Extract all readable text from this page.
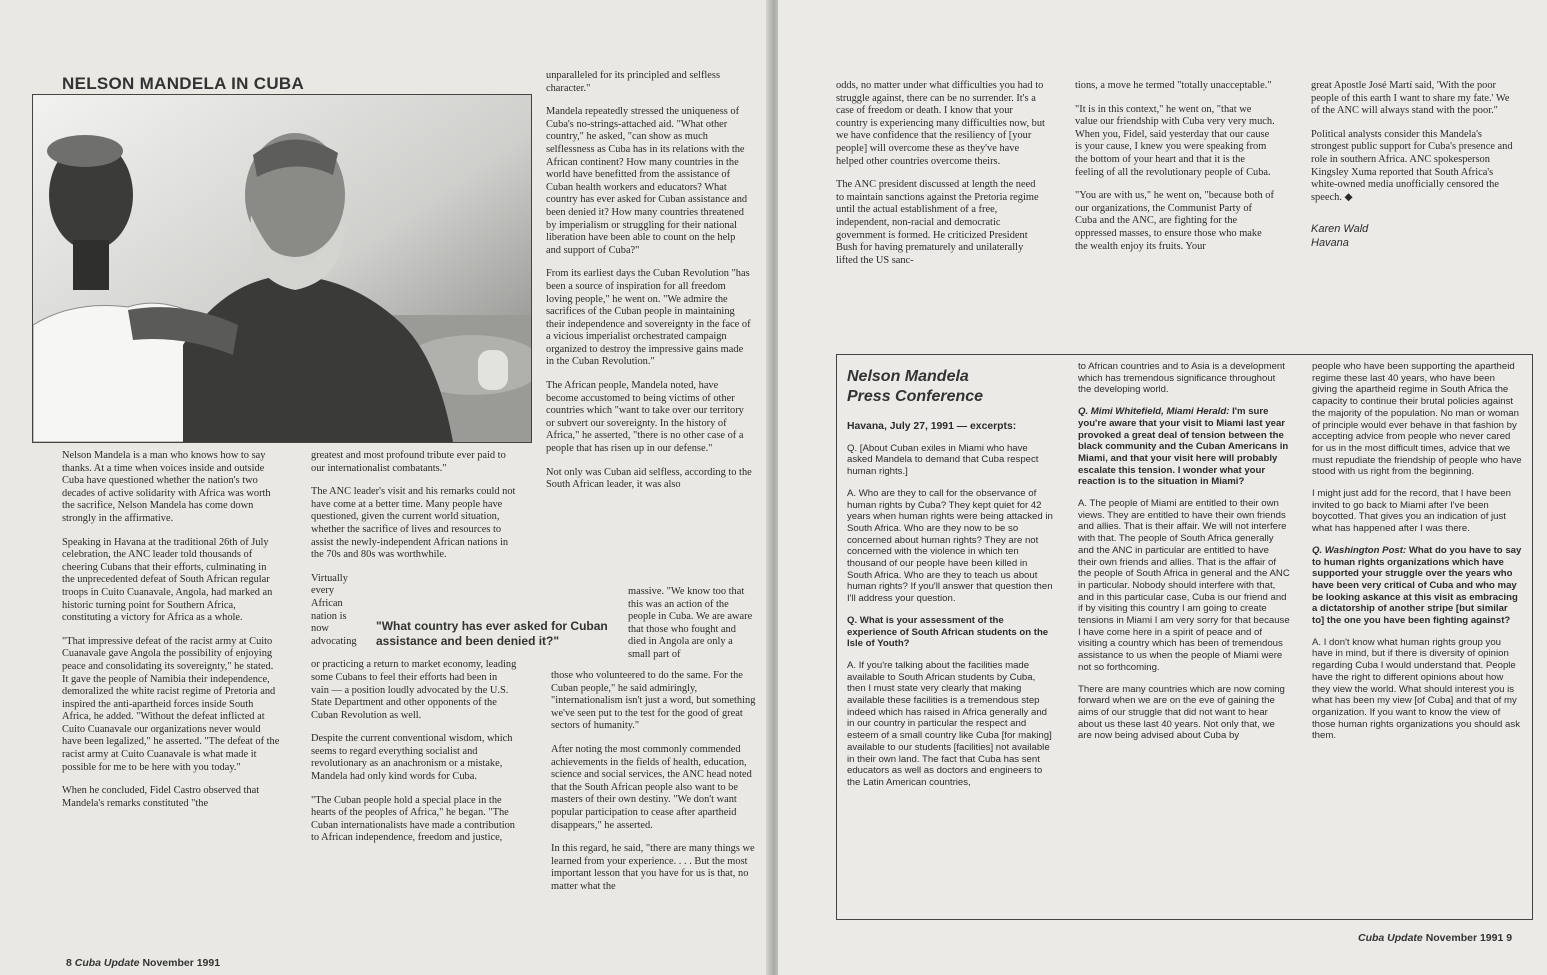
NELSON MANDELA IN CUBA

Nelson Mandela is a man who knows how to say thanks. At a time when voices inside and outside Cuba have questioned whether the nation's two decades of active solidarity with Africa was worth the sacrifice, Nelson Mandela has come down strongly in the affirmative.

Speaking in Havana at the traditional 26th of July celebration, the ANC leader told thousands of cheering Cubans that their efforts, culminating in the unprecedented defeat of South African regular troops in Cuito Cuanavale, Angola, had marked an historic turning point for Southern Africa, constituting a victory for Africa as a whole.

"That impressive defeat of the racist army at Cuito Cuanavale gave Angola the possibility of enjoying peace and consolidating its sovereignty," he stated. It gave the people of Namibia their independence, demoralized the white racist regime of Pretoria and inspired the anti-apartheid forces inside South Africa, he added. "Without the defeat inflicted at Cuito Cuanavale our organizations never would have been legalized," he asserted. "The defeat of the racist army at Cuito Cuanavale is what made it possible for me to be here with you today."

When he concluded, Fidel Castro observed that Mandela's remarks constituted "the

greatest and most profound tribute ever paid to our internationalist combatants."

The ANC leader's visit and his remarks could not have come at a better time. Many people have questioned, given the current world situation, whether the sacrifice of lives and resources to assist the newly-independent African nations in the 70s and 80s was worthwhile.

Virtually every African nation is now advocating

or practicing a return to market economy, leading some Cubans to feel their efforts had been in vain — a position loudly advocated by the U.S. State Department and other opponents of the Cuban Revolution as well.

Despite the current conventional wisdom, which seems to regard everything socialist and revolutionary as an anachronism or a mistake, Mandela had only kind words for Cuba.

"The Cuban people hold a special place in the hearts of the peoples of Africa," he began. "The Cuban internationalists have made a contribution to African independence, freedom and justice,

unparalleled for its principled and selfless character."

Mandela repeatedly stressed the uniqueness of Cuba's no-strings-attached aid. "What other country," he asked, "can show as much selflessness as Cuba has in its relations with the African continent? How many countries in the world have benefitted from the assistance of Cuban health workers and educators? What country has ever asked for Cuban assistance and been denied it? How many countries threatened by imperialism or struggling for their national liberation have been able to count on the help and support of Cuba?"

From its earliest days the Cuban Revolution "has been a source of inspiration for all freedom loving people," he went on. "We admire the sacrifices of the Cuban people in maintaining their independence and sovereignty in the face of a vicious imperialist orchestrated campaign organized to destroy the impressive gains made in the Cuban Revolution."

The African people, Mandela noted, have become accustomed to being victims of other countries which "want to take over our territory or subvert our sovereignty. In the history of Africa," he asserted, "there is no other case of a people that has risen up in our defense."

Not only was Cuban aid selfless, according to the South African leader, it was also

massive. "We know too that this was an action of the people in Cuba. We are aware that those who fought and died in Angola are only a small part of

those who volunteered to do the same. For the Cuban people," he said admiringly, "internationalism isn't just a word, but something we've seen put to the test for the good of great sectors of humanity."

After noting the most commonly commended achievements in the fields of health, education, science and social services, the ANC head noted that the South African people also want to be masters of their own destiny. "We don't want popular participation to cease after apartheid disappears," he asserted.

In this regard, he said, "there are many things we learned from your experience. . . . But the most important lesson that you have for us is that, no matter what the

"What country has ever asked for Cuban assistance and been denied it?"
8 Cuba Update November 1991

odds, no matter under what difficulties you had to struggle against, there can be no surrender. It's a case of freedom or death. I know that your country is experiencing many difficulties now, but we have confidence that the resiliency of [your people] will overcome these as they've have helped other countries overcome theirs.

The ANC president discussed at length the need to maintain sanctions against the Pretoria regime until the actual establishment of a free, independent, non-racial and democratic government is formed. He criticized President Bush for having prematurely and unilaterally lifted the US sanc-

tions, a move he termed "totally unacceptable."

"It is in this context," he went on, "that we value our friendship with Cuba very very much. When you, Fidel, said yesterday that our cause is your cause, I knew you were speaking from the bottom of your heart and that it is the feeling of all the revolutionary people of Cuba.

"You are with us," he went on, "because both of our organizations, the Communist Party of Cuba and the ANC, are fighting for the oppressed masses, to ensure those who make the wealth enjoy its fruits. Your

great Apostle José Martí said, 'With the poor people of this earth I want to share my fate.' We of the ANC will always stand with the poor."

Political analysts consider this Mandela's strongest public support for Cuba's presence and role in southern Africa. ANC spokesperson Kingsley Xuma reported that South Africa's white-owned media unofficially censored the speech. ◆

Karen Wald
Havana
Nelson Mandela
Press Conference

Havana, July 27, 1991 — excerpts:

Q. [About Cuban exiles in Miami who have asked Mandela to demand that Cuba respect human rights.]

A. Who are they to call for the observance of human rights by Cuba? They kept quiet for 42 years when human rights were being attacked in South Africa. Who are they now to be so concerned about human rights? They are not concerned with the violence in which ten thousand of our people have been killed in South Africa. Who are they to teach us about human rights? If you'll answer that question then I'll address your question.

Q. What is your assessment of the experience of South African students on the Isle of Youth?

A. If you're talking about the facilities made available to South African students by Cuba, then I must state very clearly that making available these facilities is a tremendous step indeed which has raised in Africa generally and in our country in particular the respect and esteem of a small country like Cuba [for making] available to our students [facilities] not available in their own land. The fact that Cuba has sent educators as well as doctors and engineers to the Latin American countries,

to African countries and to Asia is a development which has tremendous significance throughout the developing world.

Q. Mimi Whitefield, Miami Herald: I'm sure you're aware that your visit to Miami last year provoked a great deal of tension between the black community and the Cuban Americans in Miami, and that your visit here will probably escalate this tension. I wonder what your reaction is to the situation in Miami?

A. The people of Miami are entitled to their own views. They are entitled to have their own friends and allies. That is their affair. We will not interfere with that. The people of South Africa generally and the ANC in particular are entitled to have their own friends and allies. That is the affair of the people of South Africa in general and the ANC in particular. Nobody should interfere with that, and in this particular case, Cuba is our friend and if by visiting this country I am going to create tensions in Miami I am very sorry for that because I have come here in a spirit of peace and of visiting a country which has been of tremendous assistance to us when the people of Miami were not so forthcoming.

There are many countries which are now coming forward when we are on the eve of gaining the aims of our struggle that did not want to hear about us these last 40 years. Not only that, we are now being advised about Cuba by

people who have been supporting the apartheid regime these last 40 years, who have been giving the apartheid regime in South Africa the capacity to continue their brutal policies against the majority of the population. No man or woman of principle would ever behave in that fashion by accepting advice from people who never cared for us in the most difficult times, advice that we must repudiate the friendship of people who have stood with us right from the beginning.

I might just add for the record, that I have been invited to go back to Miami after I've been boycotted. That gives you an indication of just what has happened after I was there.

Q. Washington Post: What do you have to say to human rights organizations which have supported your struggle over the years who have been very critical of Cuba and who may be looking askance at this visit as embracing a dictatorship of another stripe [but similar to] the one you have been fighting against?

A. I don't know what human rights group you have in mind, but if there is diversity of opinion regarding Cuba I would understand that. People have the right to different opinions about how they view the world. What should interest you is what has been my view [of Cuba] and that of my organization. If you want to know the view of those human rights organizations you should ask them.

Cuba Update November 1991 9
